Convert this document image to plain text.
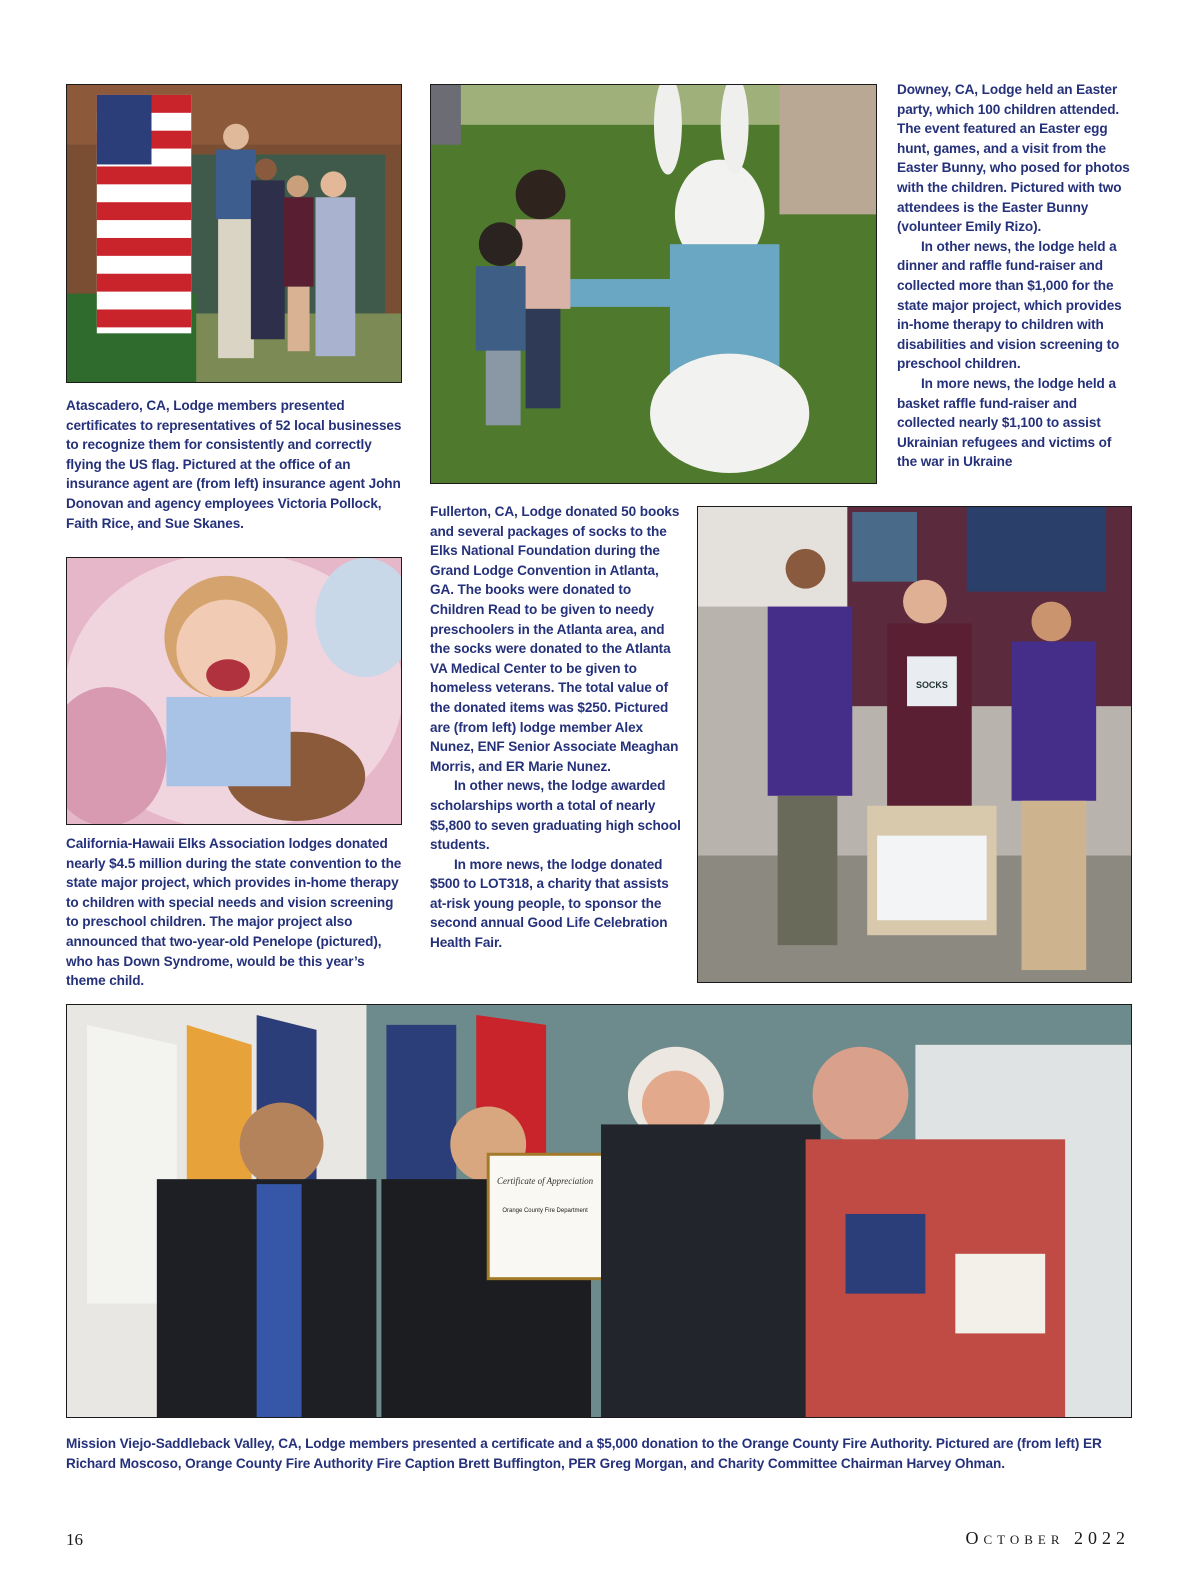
Downey, CA, Lodge held an Easter party, which 100 children attended. The event featured an Easter egg hunt, games, and a visit from the Easter Bunny, who posed for photos with the children. Pictured with two attendees is the Easter Bunny (volunteer Emily Rizo).

In other news, the lodge held a dinner and raffle fund-raiser and collected more than $1,000 for the state major project, which provides in-home therapy to children with disabilities and vision screening to preschool children.

In more news, the lodge held a basket raffle fund-raiser and collected nearly $1,100 to assist Ukrainian refugees and victims of the war in Ukraine

Atascadero, CA, Lodge members presented certificates to representatives of 52 local businesses to recognize them for consistently and correctly flying the US flag. Pictured at the office of an insurance agent are (from left) insurance agent John Donovan and agency employees Victoria Pollock, Faith Rice, and Sue Skanes.

California-Hawaii Elks Association lodges donated nearly $4.5 million during the state convention to the state major project, which provides in-home therapy to children with special needs and vision screening to preschool children. The major project also announced that two-year-old Penelope (pictured), who has Down Syndrome, would be this year’s theme child.

Fullerton, CA, Lodge donated 50 books and several packages of socks to the Elks National Foundation during the Grand Lodge Convention in Atlanta, GA. The books were donated to Children Read to be given to needy preschoolers in the Atlanta area, and the socks were donated to the Atlanta VA Medical Center to be given to homeless veterans. The total value of the donated items was $250. Pictured are (from left) lodge member Alex Nunez, ENF Senior Associate Meaghan Morris, and ER Marie Nunez.

In other news, the lodge awarded scholarships worth a total of nearly $5,800 to seven graduating high school students.

In more news, the lodge donated $500 to LOT318, a charity that assists at-risk young people, to sponsor the second annual Good Life Celebration Health Fair.

SOCKS
Certificate of Appreciation
Orange County Fire Department

Mission Viejo-Saddleback Valley, CA, Lodge members presented a certificate and a $5,000 donation to the Orange County Fire Authority. Pictured are (from left) ER Richard Moscoso, Orange County Fire Authority Fire Caption Brett Buffington, PER Greg Morgan, and Charity Committee Chairman Harvey Ohman.

16	October 2022
